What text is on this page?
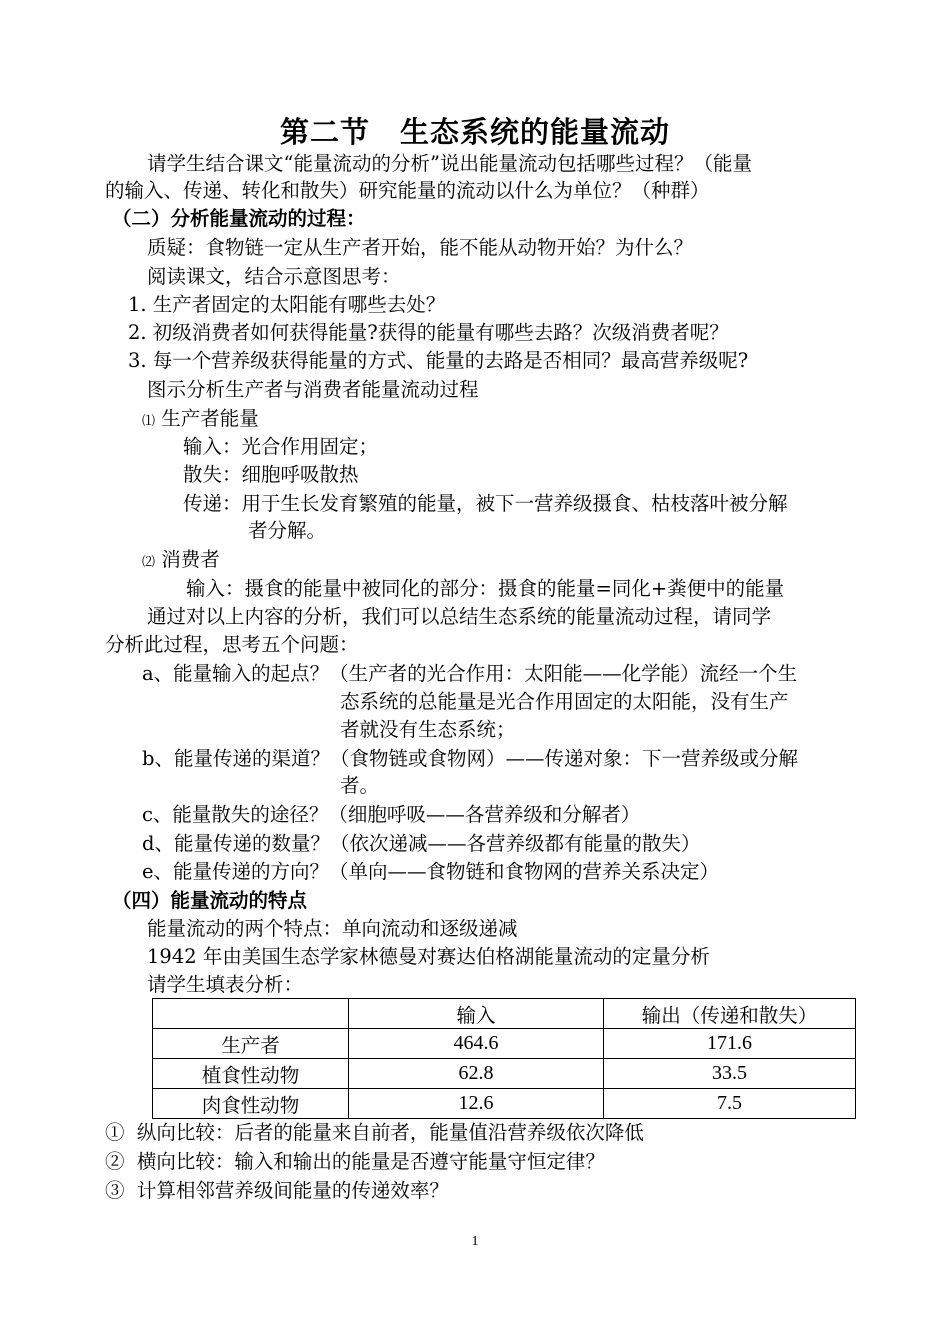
第二节　生态系统的能量流动
请学生结合课文“能量流动的分析”说出能量流动包括哪些过程？（能量
的输入、传递、转化和散失）研究能量的流动以什么为单位？（种群）
（二）分析能量流动的过程：
质疑：食物链一定从生产者开始，能不能从动物开始？为什么？
阅读课文，结合示意图思考：
1. 生产者固定的太阳能有哪些去处？
2. 初级消费者如何获得能量?获得的能量有哪些去路？次级消费者呢？
3. 每一个营养级获得能量的方式、能量的去路是否相同？最高营养级呢?
图示分析生产者与消费者能量流动过程
⑴ 生产者能量
输入：光合作用固定；
散失：细胞呼吸散热
传递：用于生长发育繁殖的能量，被下一营养级摄食、枯枝落叶被分解
者分解。
⑵ 消费者
输入：摄食的能量中被同化的部分：摄食的能量=同化+粪便中的能量
通过对以上内容的分析，我们可以总结生态系统的能量流动过程，请同学
分析此过程，思考五个问题：
a、能量输入的起点？（生产者的光合作用：太阳能——化学能）流经一个生
态系统的总能量是光合作用固定的太阳能，没有生产
者就没有生态系统；
b、能量传递的渠道？（食物链或食物网）——传递对象：下一营养级或分解
者。
c、能量散失的途径？（细胞呼吸——各营养级和分解者）
d、能量传递的数量？（依次递减——各营养级都有能量的散失）
e、能量传递的方向？（单向——食物链和食物网的营养关系决定）
（四）能量流动的特点
能量流动的两个特点：单向流动和逐级递减
1942 年由美国生态学家林德曼对赛达伯格湖能量流动的定量分析
请学生填表分析：
	输入	输出（传递和散失）
生产者	464.6	171.6
植食性动物	62.8	33.5
肉食性动物	12.6	7.5
①  纵向比较：后者的能量来自前者，能量值沿营养级依次降低
②  横向比较：输入和输出的能量是否遵守能量守恒定律？
③  计算相邻营养级间能量的传递效率？
1
